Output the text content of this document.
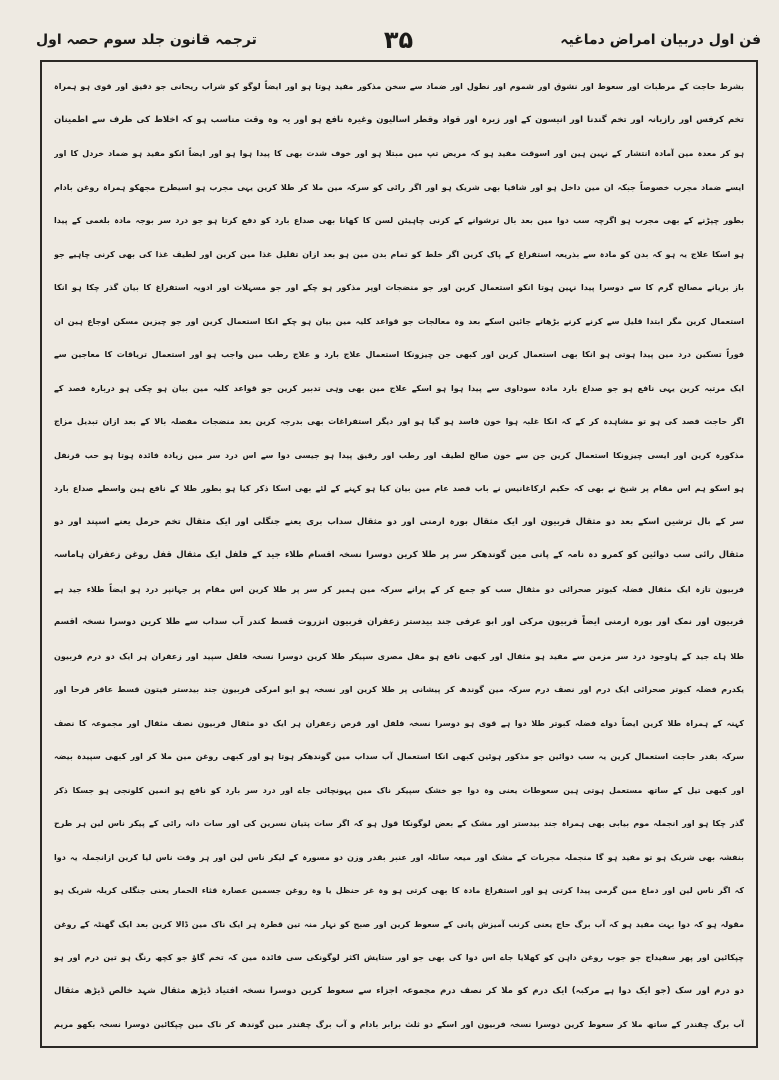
فن اول دربیان امراض دماغیہ
۳۵
ترجمہ قانون جلد سوم حصہ اول
بشرط حاجت کے مرطبات اور سعوط اور نشوق اور شموم اور نطول اور ضماد سے سخن مذکور مفید ہوتا ہو اور ایضاً لوگو کو شراب ریحانی جو دقیق اور قوی ہو ہمراہ
تخم کرفس اور رازیانہ اور تخم گندنا اور انیسون کے اور زیرہ اور قواد وقطر اسالیون وغیرہ نافع ہو اور یہ وہ وقت مناسب ہو کہ اخلاط کی طرف سے اطمینان
ہو کر معدہ مین آمادہ انتشار کے نہین ہین اور اسوقت مفید ہو کہ مریض تپ مین مبتلا ہو اور خوف شدت بھی کا پیدا ہوا ہو اور ایضاً انکو مفید ہو ضماد خردل کا اور
ایسے ضماد مجرب خصوصاً جبکہ ان مین داخل ہو اور شافیا بھی شریک ہو اور اگر رائی کو سرکہ مین ملا کر طلا کرین یہی مجرب ہو اسیطرح مجھکو ہمراہ روغن بادام
بطور چپڑنے کے بھی مجرب ہو اگرچہ سب دوا مین بعد بال ترشوانے کے کرنی چاہیئن لسن کا کھانا بھی صداع بارد کو دفع کرتا ہو جو درد سر بوجہ مادہ بلغمی کے پیدا
ہو اسکا علاج یہ ہو کہ بدن کو مادہ سے بذریعہ استفراغ کے پاک کرین اگر خلط کو تمام بدن مین ہو بعد ازان تقلیل غذا مین کرین اور لطیف غذا کی بھی کرنی چاہیے جو
باز بریانے مصالح گرم کا سے دوسرا پیدا نہین ہوتا انکو استعمال کرین اور جو منضجات اوپر مذکور ہو چکے اور جو مسہلات اور ادویہ استفراغ کا بیان گذر چکا ہو انکا
استعمال کرین مگر ابتدا قلیل سے کرنے کرنے بڑھاتے جائین اسکے بعد وہ معالجات جو قواعد کلیہ مین بیان ہو چکے انکا استعمال کرین اور جو چیزین مسکن اوجاع ہین ان
فوراً تسکین درد مین پیدا ہوتی ہو انکا بھی استعمال کرین اور کبھی جن چیزونکا استعمال علاج بارد و علاج رطب مین واجب ہو اور استعمال تریاقات کا معاجین سے
ایک مرتبہ کرین یہی نافع ہو جو صداع بارد مادہ سوداوی سے پیدا ہوا ہو اسکے علاج مین بھی وہی تدبیر کرین جو قواعد کلیہ مین بیان ہو چکی ہو دربارہ فصد کے
اگر حاجت فصد کی ہو تو مشاہدہ کر کے کہ انکا غلبہ ہوا خون فاسد ہو گیا ہو اور دیگر استفراغات بھی بدرجہ کرین بعد منضجات مفصلہ بالا کے بعد ازان تبدیل مزاج
مذکورہ کرین اور ایسی چیزونکا استعمال کرین جن سے خون صالح لطیف اور رطب اور رقیق پیدا ہو جیسی دوا سے اس درد سر مین زیادہ فائدہ ہوتا ہو حب قرنفل
ہو اسکو ہم اس مقام پر شیخ نے بھی کہ حکیم ارکاغانیس نے باب فصد عام مین بیان کیا ہو کہنے کے لئے بھی اسکا ذکر کیا ہو بطور طلا کے نافع ہین واسطے صداع بارد
سر کے بال ترشین اسکے بعد دو مثقال فربیون اور ایک مثقال بورہ ارمنی اور دو مثقال سداب بری یعنے جنگلی اور ایک مثقال تخم حرمل یعنے اسپند اور دو
مثقال رائی سب دوائین کو کمرو دہ نامہ کے پانی مین گوندھکر سر پر طلا کرین دوسرا نسخہ اقسام طلاء جید کے فلفل ایک مثقال قفل روغن زعفران ہاماسہ
فربیون تازہ ایک مثقال فضلہ کبوتر صحرائی دو مثقال سب کو جمع کر کے پرانے سرکہ مین ہمیر کر سر پر طلا کرین اس مقام پر جہانپر درد ہو ایضاً طلاء جید ہے
فربیون اور نمک اور بورہ ارمنی ایضاً فربیون مرکی اور ابو عرفی جند بیدستر زعفران فربیون انزروت قسط کندر آب سداب سے طلا کرین دوسرا نسخہ اقسم
طلا ہاے جید کے ہاوجود درد سر مزمن سے مفید ہو مثقال اور کبھی نافع ہو مقل مصری سپیکر طلا کرین دوسرا نسخہ فلفل سپید اور زعفران ہر ایک دو درم فربیون
یکدرم فضلہ کبوتر صحرائی ایک درم اور نصف درم سرکہ مین گوندھ کر پیشانی پر طلا کرین اور نسخہ ہو ابو امرکی فربیون جند بیدستر فیتون قسط عاقر قرحا اور
کہنہ کے ہمراہ طلا کرین ایضاً دواے فضلہ کبوتر طلا دوا ہے قوی ہو دوسرا نسخہ فلفل اور قرص زعفران ہر ایک دو مثقال فربیون نصف مثقال اور مجموعہ کا نصف
سرکہ بقدر حاجت استعمال کرین یہ سب دوائین جو مذکور ہوئین کبھی انکا استعمال آب سداب مین گوندھکر ہوتا ہو اور کبھی روغن مین ملا کر اور کبھی سپیدہ بیضہ
اور کبھی تیل کے ساتھ مستعمل ہوتی ہین سعوطات یعنی وہ دوا جو خشک سپیکر ناک مین پہونچائی جاے اور درد سر بارد کو نافع ہو انمین کلونجی ہو جسکا ذکر
گذر چکا ہو اور انجملہ موم بیابی بھی ہمراہ جند بیدستر اور مشک کے بعض لوگونکا قول ہو کہ اگر سات پتیان نسرین کی اور سات دانہ رائی کے پیکر ناس لین ہر طرح
بنفشہ بھی شریک ہو تو مفید ہو گا منجملہ مجربات کے مشک اور میعہ سائلہ اور عنبر بقدر وزن دو مسورہ کے لیکر ناس لین اور ہر وقت ناس لیا کرین ازانجملہ یہ دوا
کہ اگر ناس لین اور دماغ مین گرمی پیدا کرتی ہو اور استفراغ مادہ کا بھی کرتی ہو وہ غر حنظل یا وہ روغن جسمین عصارہ قثاء الحمار یعنی جنگلی کریلہ شریک ہو
مقولہ ہو کہ دوا بہت مفید ہو کہ آب برگ حاج یعنی کرنب آمیزش پانی کے سعوط کرین اور صبح کو نہار منہ تین قطرہ ہر ایک ناک مین ڈالا کرین بعد ایک گھنٹہ کے روغن
چپکائین اور پھر سفیداج جو جوب روغن داہن کو کھلایا جاے اس دوا کی بھی جو اور ستایش اکثر لوگونکی سی فائدہ مین کہ تخم گاؤ جو کچھ رنگ ہو تین درم اور ہو
دو درم اور سک (جو ایک دوا ہے مرکبہ) ایک درم کو ملا کر نصف درم مجموعہ اجزاء سے سعوط کرین دوسرا نسخہ افتیاد ڈیڑھ مثقال شہد خالص ڈیڑھ مثقال
آب برگ چقندر کے ساتھ ملا کر سعوط کرین دوسرا نسخہ فربیون اور اسکے دو ثلث برابر بادام و آب برگ چقندر مین گوندھ کر ناک مین چپکائین دوسرا نسخہ بکھو مریم
